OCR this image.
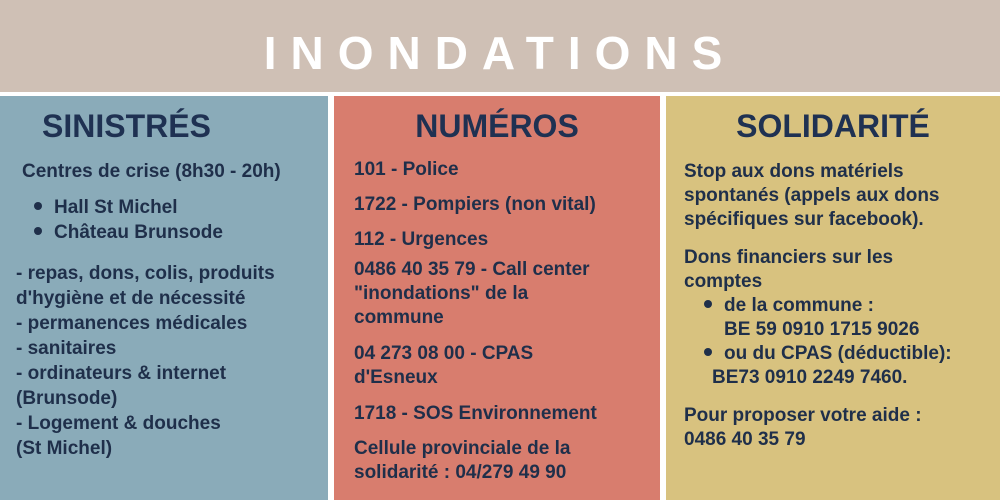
INONDATIONS
SINISTRÉS
Centres de crise (8h30 - 20h)
Hall St Michel
Château Brunsode
- repas, dons, colis, produits
d'hygiène et de nécessité
- permanences médicales
- sanitaires
- ordinateurs & internet
(Brunsode)
- Logement & douches
(St Michel)
NUMÉROS
101 - Police
1722 - Pompiers (non vital)
112 - Urgences
0486 40 35 79 - Call center
"inondations" de la
commune
04 273 08 00 - CPAS
d'Esneux
1718 - SOS Environnement
Cellule provinciale de la
solidarité : 04/279 49 90
SOLIDARITÉ
Stop aux dons matériels
spontanés (appels aux dons
spécifiques sur facebook).
Dons financiers sur les
comptes
de la commune :
BE 59 0910 1715 9026
ou du CPAS (déductible):
BE73 0910 2249 7460.
Pour proposer votre aide :
0486 40 35 79
